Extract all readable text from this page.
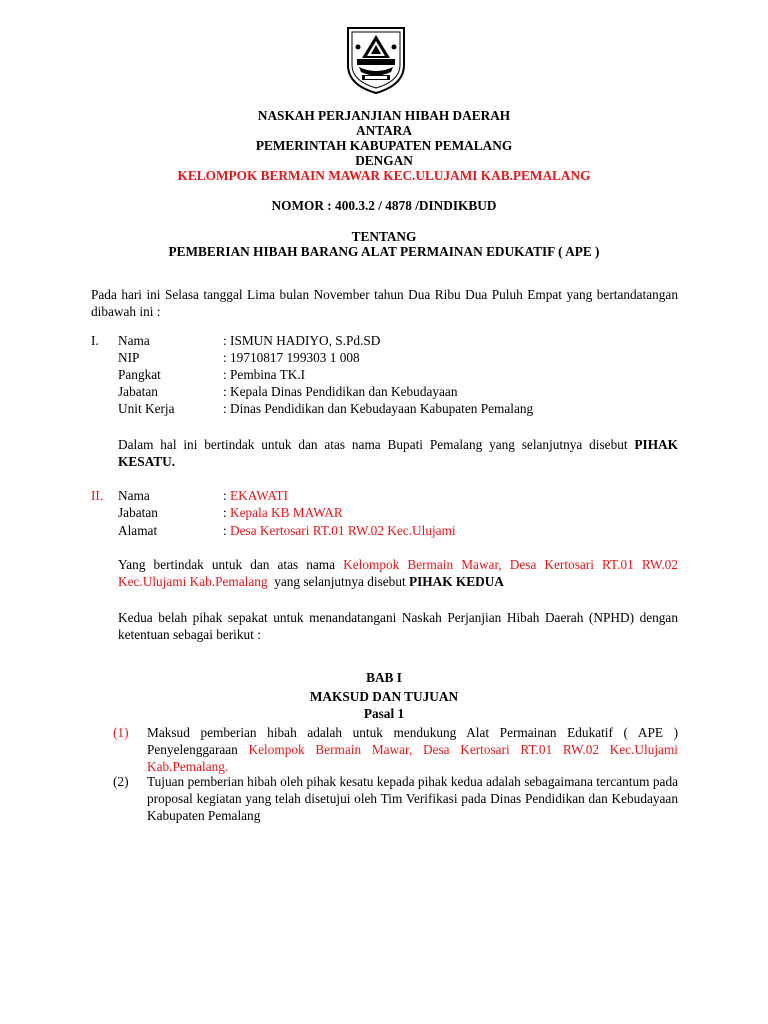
NASKAH PERJANJIAN HIBAH DAERAH
ANTARA
PEMERINTAH KABUPATEN PEMALANG
DENGAN
KELOMPOK BERMAIN MAWAR KEC.ULUJAMI KAB.PEMALANG
NOMOR : 400.3.2 / 4878 /DINDIKBUD
TENTANG
PEMBERIAN HIBAH BARANG ALAT PERMAINAN EDUKATIF ( APE )
Pada hari ini Selasa tanggal Lima bulan November tahun Dua Ribu Dua Puluh Empat yang bertandatangan dibawah ini :
I. Nama	: ISMUN HADIYO, S.Pd.SD
NIP	: 19710817 199303 1 008
Pangkat	: Pembina TK.I
Jabatan	: Kepala Dinas Pendidikan dan Kebudayaan
Unit Kerja	: Dinas Pendidikan dan Kebudayaan Kabupaten Pemalang
Dalam hal ini bertindak untuk dan atas nama Bupati Pemalang yang selanjutnya disebut PIHAK KESATU.
II. Nama	: EKAWATI
Jabatan	: Kepala KB MAWAR
Alamat	: Desa Kertosari RT.01 RW.02 Kec.Ulujami
Yang bertindak untuk dan atas nama Kelompok Bermain Mawar, Desa Kertosari RT.01 RW.02 Kec.Ulujami Kab.Pemalang  yang selanjutnya disebut PIHAK KEDUA
Kedua belah pihak sepakat untuk menandatangani Naskah Perjanjian Hibah Daerah (NPHD) dengan ketentuan sebagai berikut :
BAB I
MAKSUD DAN TUJUAN
Pasal 1
(1) Maksud pemberian hibah adalah untuk mendukung Alat Permainan Edukatif ( APE ) Penyelenggaraan Kelompok Bermain Mawar, Desa Kertosari RT.01 RW.02 Kec.Ulujami Kab.Pemalang.
(2) Tujuan pemberian hibah oleh pihak kesatu kepada pihak kedua adalah sebagaimana tercantum pada proposal kegiatan yang telah disetujui oleh Tim Verifikasi pada Dinas Pendidikan dan Kebudayaan Kabupaten Pemalang
